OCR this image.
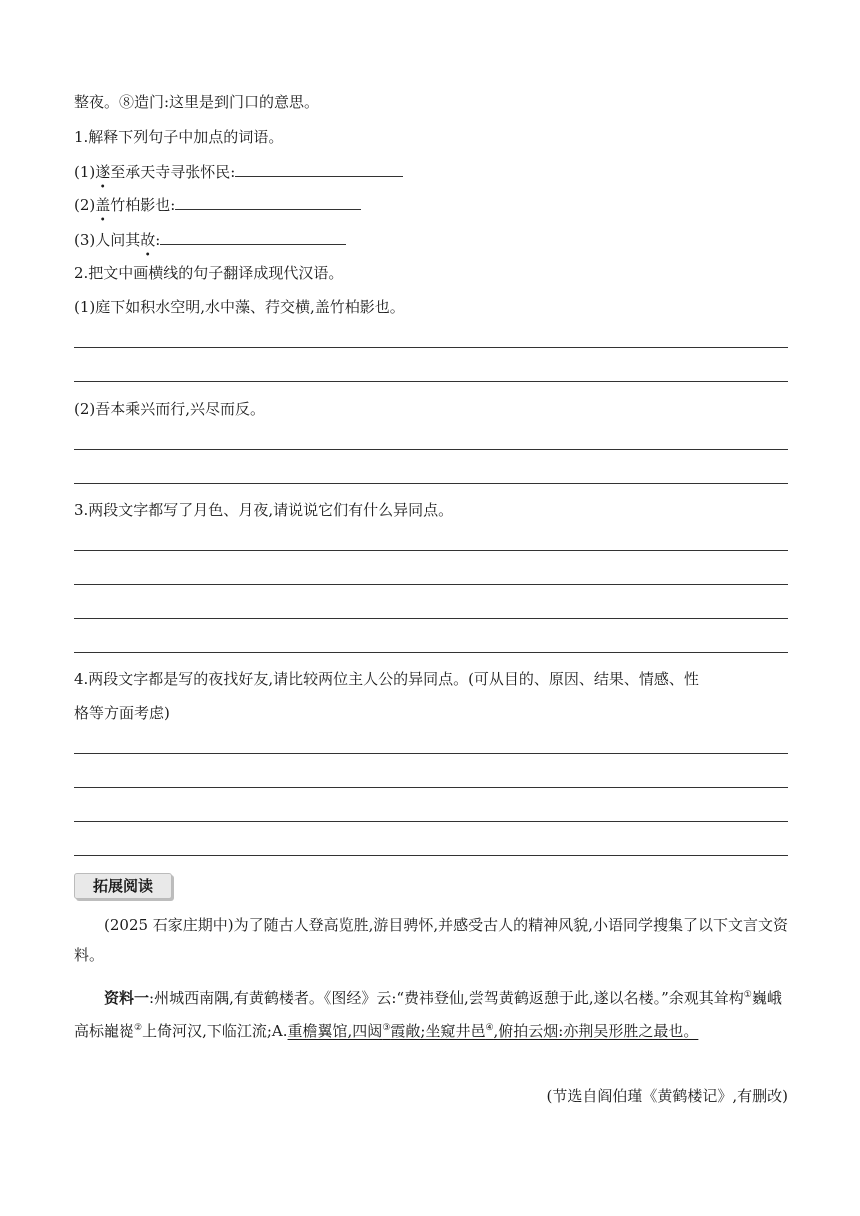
整夜。⑧造门:这里是到门口的意思。
1.解释下列句子中加点的词语。
(1)遂至承天寺寻张怀民:
(2)盖竹柏影也:
(3)人问其故:
2.把文中画横线的句子翻译成现代汉语。
(1)庭下如积水空明,水中藻、荇交横,盖竹柏影也。
(2)吾本乘兴而行,兴尽而反。
3.两段文字都写了月色、月夜,请说说它们有什么异同点。
4.两段文字都是写的夜找好友,请比较两位主人公的异同点。(可从目的、原因、结果、情感、性
格等方面考虑)
拓展阅读
(2025 石家庄期中)为了随古人登高览胜,游目骋怀,并感受古人的精神风貌,小语同学搜集了以下文言文资料。
资料一:州城西南隅,有黄鹤楼者。《图经》云:“费祎登仙,尝驾黄鹤返憩于此,遂以名楼。”余观其耸构①巍峨高标巃嵸②上倚河汉,下临江流;A.重檐翼馆,四闼③霞敞;坐窥井邑④,俯拍云烟:亦荆吴形胜之最也。
(节选自阎伯瑾《黄鹤楼记》,有删改)
